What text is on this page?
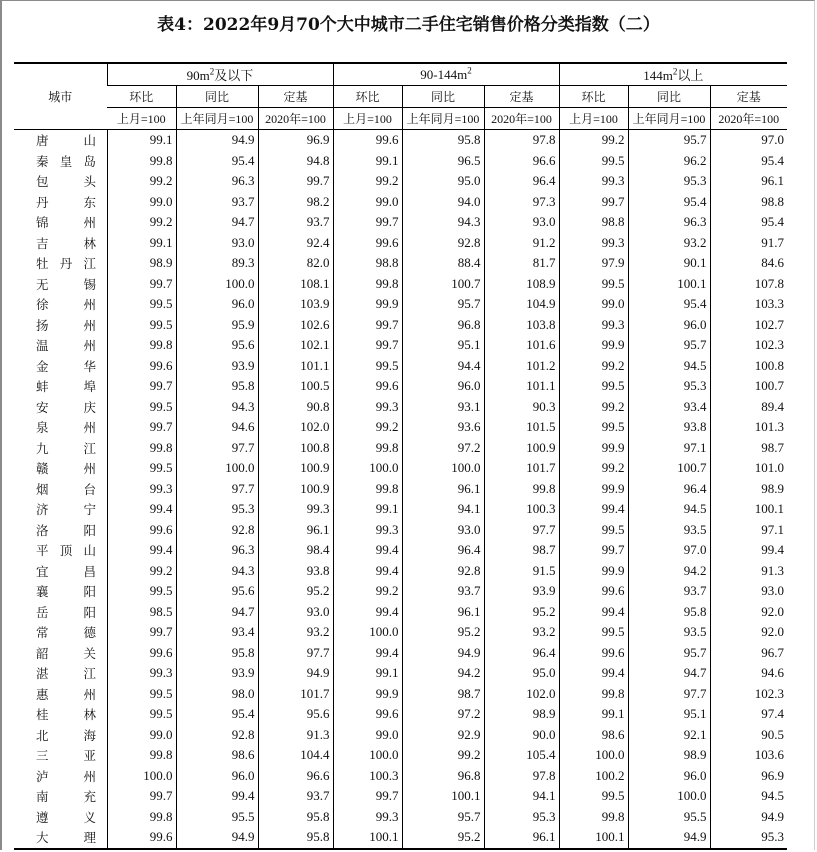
表4：2022年9月70个大中城市二手住宅销售价格分类指数（二）
城市	$90m^2$及以下			$90-144m^2$			$144m^2$以上		
	环比	同比	定基	环比	同比	定基	环比	同比	定基
	上月=100	上年同月=100	2020年=100	上月=100	上年同月=100	2020年=100	上月=100	上年同月=100	2020年=100
唐　山	99.1	94.9	96.9	99.6	95.8	97.8	99.2	95.7	97.0
秦皇岛	99.8	95.4	94.8	99.1	96.5	96.6	99.5	96.2	95.4
包　头	99.2	96.3	99.7	99.2	95.0	96.4	99.3	95.3	96.1
丹　东	99.0	93.7	98.2	99.0	94.0	97.3	99.7	95.4	98.8
锦　州	99.2	94.7	93.7	99.7	94.3	93.0	98.8	96.3	95.4
吉　林	99.1	93.0	92.4	99.6	92.8	91.2	99.3	93.2	91.7
牡丹江	98.9	89.3	82.0	98.8	88.4	81.7	97.9	90.1	84.6
无　锡	99.7	100.0	108.1	99.8	100.7	108.9	99.5	100.1	107.8
徐　州	99.5	96.0	103.9	99.9	95.7	104.9	99.0	95.4	103.3
扬　州	99.5	95.9	102.6	99.7	96.8	103.8	99.3	96.0	102.7
温　州	99.8	95.6	102.1	99.7	95.1	101.6	99.9	95.7	102.3
金　华	99.6	93.9	101.1	99.5	94.4	101.2	99.2	94.5	100.8
蚌　埠	99.7	95.8	100.5	99.6	96.0	101.1	99.5	95.3	100.7
安　庆	99.5	94.3	90.8	99.3	93.1	90.3	99.2	93.4	89.4
泉　州	99.7	94.6	102.0	99.2	93.6	101.5	99.5	93.8	101.3
九　江	99.8	97.7	100.8	99.8	97.2	100.9	99.9	97.1	98.7
赣　州	99.5	100.0	100.9	100.0	100.0	101.7	99.2	100.7	101.0
烟　台	99.3	97.7	100.9	99.8	96.1	99.8	99.9	96.4	98.9
济　宁	99.4	95.3	99.3	99.1	94.1	100.3	99.4	94.5	100.1
洛　阳	99.6	92.8	96.1	99.3	93.0	97.7	99.5	93.5	97.1
平顶山	99.4	96.3	98.4	99.4	96.4	98.7	99.7	97.0	99.4
宜　昌	99.2	94.3	93.8	99.4	92.8	91.5	99.9	94.2	91.3
襄　阳	99.5	95.6	95.2	99.2	93.7	93.9	99.6	93.7	93.0
岳　阳	98.5	94.7	93.0	99.4	96.1	95.2	99.4	95.8	92.0
常　德	99.7	93.4	93.2	100.0	95.2	93.2	99.5	93.5	92.0
韶　关	99.6	95.8	97.7	99.4	94.9	96.4	99.6	95.7	96.7
湛　江	99.3	93.9	94.9	99.1	94.2	95.0	99.4	94.7	94.6
惠　州	99.5	98.0	101.7	99.9	98.7	102.0	99.8	97.7	102.3
桂　林	99.5	95.4	95.6	99.6	97.2	98.9	99.1	95.1	97.4
北　海	99.0	92.8	91.3	99.0	92.9	90.0	98.6	92.1	90.5
三　亚	99.8	98.6	104.4	100.0	99.2	105.4	100.0	98.9	103.6
泸　州	100.0	96.0	96.6	100.3	96.8	97.8	100.2	96.0	96.9
南　充	99.7	99.4	93.7	99.7	100.1	94.1	99.5	100.0	94.5
遵　义	99.8	95.5	95.8	99.3	95.7	95.3	99.8	95.5	94.9
大　理	99.6	94.9	95.8	100.1	95.2	96.1	100.1	94.9	95.3
